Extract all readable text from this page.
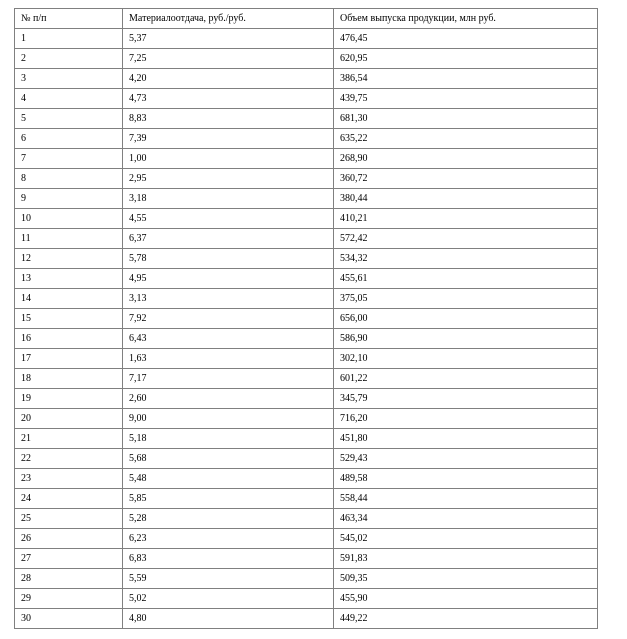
№ п/п	Материалоотдача, руб./руб.	Объем выпуска продукции, млн руб.
1	5,37	476,45
2	7,25	620,95
3	4,20	386,54
4	4,73	439,75
5	8,83	681,30
6	7,39	635,22
7	1,00	268,90
8	2,95	360,72
9	3,18	380,44
10	4,55	410,21
11	6,37	572,42
12	5,78	534,32
13	4,95	455,61
14	3,13	375,05
15	7,92	656,00
16	6,43	586,90
17	1,63	302,10
18	7,17	601,22
19	2,60	345,79
20	9,00	716,20
21	5,18	451,80
22	5,68	529,43
23	5,48	489,58
24	5,85	558,44
25	5,28	463,34
26	6,23	545,02
27	6,83	591,83
28	5,59	509,35
29	5,02	455,90
30	4,80	449,22
